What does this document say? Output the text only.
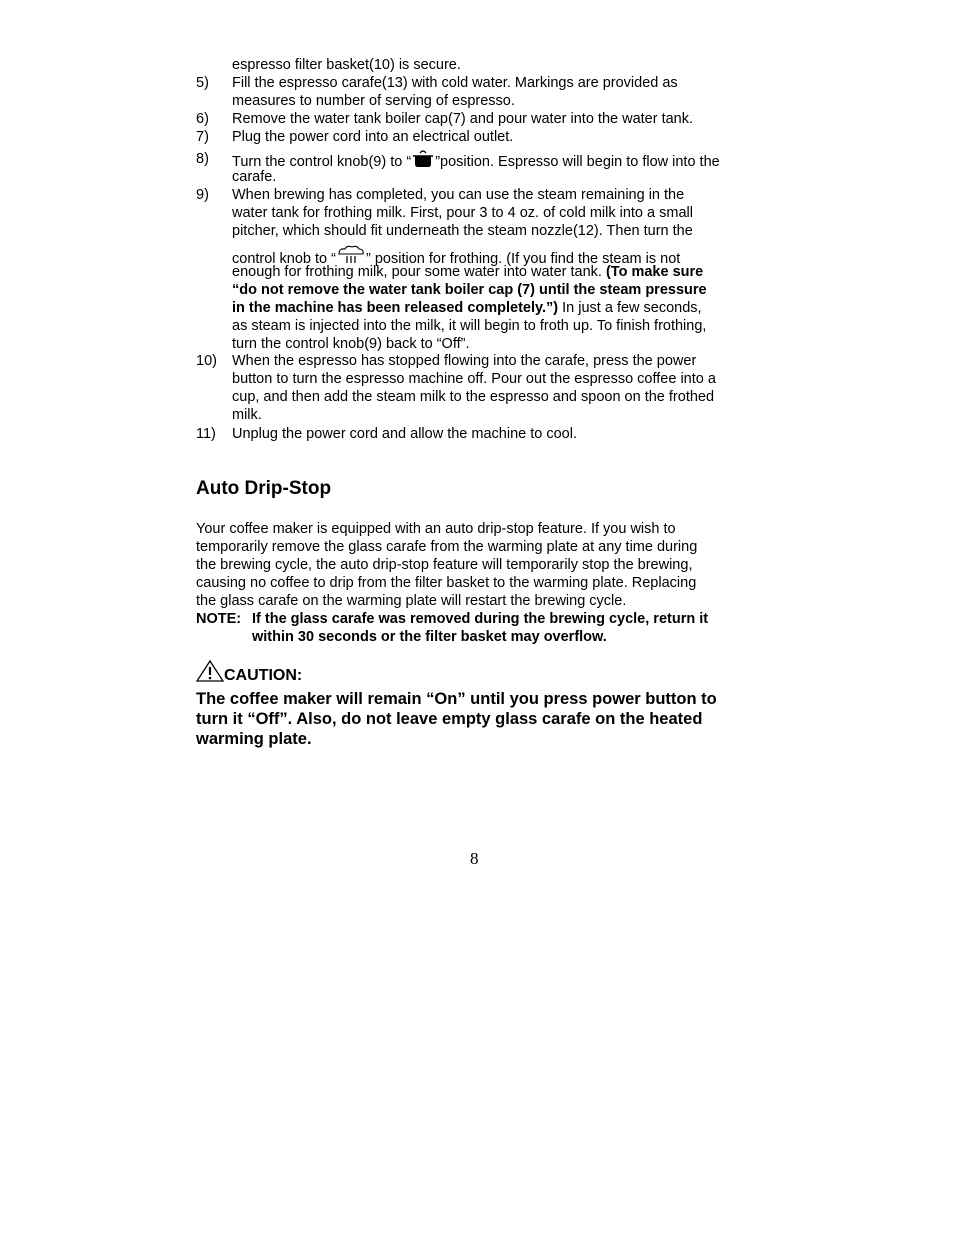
espresso filter basket(10) is secure.
5)	Fill the espresso carafe(13) with cold water. Markings are provided as
measures to number of serving of espresso.
6)	Remove the water tank boiler cap(7) and pour water into the water tank.
7)	Plug the power cord into an electrical outlet.
8)	Turn the control knob(9) to “ ”position. Espresso will begin to flow into the
carafe.
9)	When brewing has completed, you can use the steam remaining in the
water tank for frothing milk. First, pour 3 to 4 oz. of cold milk into a small
pitcher, which should fit underneath the steam nozzle(12). Then turn the
control knob to “ ” position for frothing. (If you find the steam is not
enough for frothing milk, pour some water into water tank. (To make sure
“do not remove the water tank boiler cap (7) until the steam pressure
in the machine has been released completely.”) In just a few seconds,
as steam is injected into the milk, it will begin to froth up. To finish frothing,
turn the control knob(9) back to “Off”.
10)	When the espresso has stopped flowing into the carafe, press the power
button to turn the espresso machine off. Pour out the espresso coffee into a
cup, and then add the steam milk to the espresso and spoon on the frothed
milk.
11)	Unplug the power cord and allow the machine to cool.
Auto Drip-Stop
Your coffee maker is equipped with an auto drip-stop feature. If you wish to
temporarily remove the glass carafe from the warming plate at any time during
the brewing cycle, the auto drip-stop feature will temporarily stop the brewing,
causing no coffee to drip from the filter basket to the warming plate. Replacing
the glass carafe on the warming plate will restart the brewing cycle.
NOTE: If the glass carafe was removed during the brewing cycle, return it
within 30 seconds or the filter basket may overflow.
CAUTION:
The coffee maker will remain “On” until you press power button to
turn it “Off”. Also, do not leave empty glass carafe on the heated
warming plate.
8
